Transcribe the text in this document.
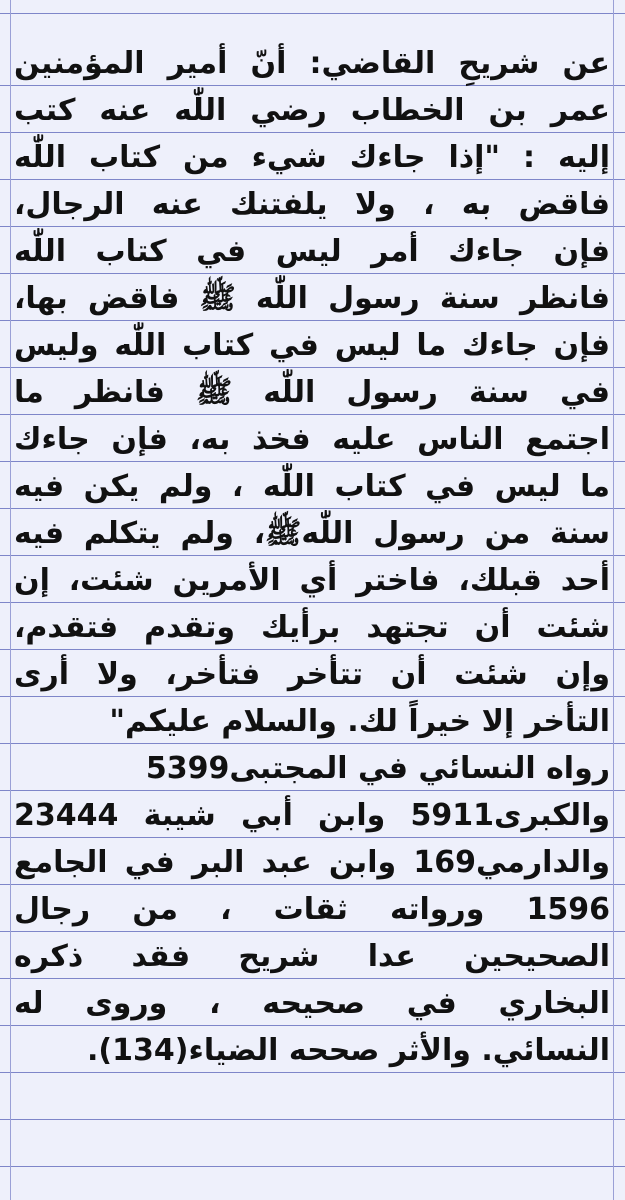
عن شريحِ القاضي: أنّ أمير المؤمنين
عمر بن الخطاب رضي اللّٰه عنه كتب
إليه : "إذا جاءك شيء من كتاب اللّٰه
فاقض به ، ولا يلفتنك عنه الرجال،
فإن جاءك أمر ليس في كتاب اللّٰه
فانظر سنة رسول اللّٰه ﷺ فاقض بها،
فإن جاءك ما ليس في كتاب اللّٰه وليس
في سنة رسول اللّٰه ﷺ فانظر ما
اجتمع الناس عليه فخذ به، فإن جاءك
ما ليس في كتاب اللّٰه ، ولم يكن فيه
سنة من رسول اللّٰهﷺ، ولم يتكلم فيه
أحد قبلك، فاختر أي الأمرين شئت، إن
شئت أن تجتهد برأيك وتقدم فتقدم،
وإن شئت أن تتأخر فتأخر، ولا أرى
التأخر إلا خيراً لك. والسلام عليكم"
رواه النسائي في المجتبى5399
والكبرى5911 وابن أبي شيبة 23444
والدارمي169 وابن عبد البر في الجامع
1596 ورواته ثقات ، من رجال
الصحيحين عدا شريح فقد ذكره
البخاري في صحيحه ، وروى له
النسائي. والأثر صححه الضياء(134).
